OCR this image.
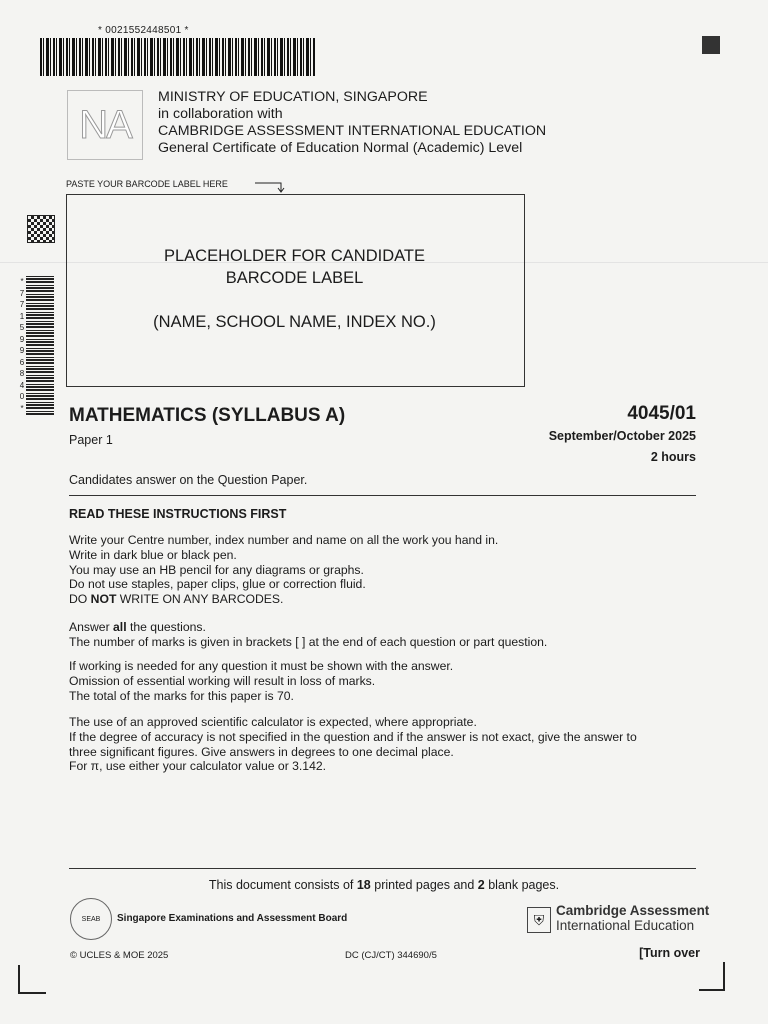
* 0021552448501 *
NA
MINISTRY OF EDUCATION, SINGAPORE
in collaboration with
CAMBRIDGE ASSESSMENT INTERNATIONAL EDUCATION
General Certificate of Education Normal (Academic) Level
PASTE YOUR BARCODE LABEL HERE
*
7
7
1
5
9
9
6
8
4
0
*
PLACEHOLDER FOR CANDIDATE
BARCODE LABEL
(NAME, SCHOOL NAME, INDEX NO.)
MATHEMATICS (SYLLABUS A)	4045/01
Paper 1	September/October 2025
2 hours
Candidates answer on the Question Paper.
READ THESE INSTRUCTIONS FIRST
Write your Centre number, index number and name on all the work you hand in.
Write in dark blue or black pen.
You may use an HB pencil for any diagrams or graphs.
Do not use staples, paper clips, glue or correction fluid.
DO NOT WRITE ON ANY BARCODES.
Answer all the questions.
The number of marks is given in brackets [ ] at the end of each question or part question.
If working is needed for any question it must be shown with the answer.
Omission of essential working will result in loss of marks.
The total of the marks for this paper is 70.
The use of an approved scientific calculator is expected, where appropriate.
If the degree of accuracy is not specified in the question and if the answer is not exact, give the answer to
three significant figures. Give answers in degrees to one decimal place.
For π, use either your calculator value or 3.142.
This document consists of 18 printed pages and 2 blank pages.
SEAB	Singapore Examinations and Assessment Board	⛨
Cambridge Assessment
International Education
© UCLES & MOE 2025	DC (CJ/CT) 344690/5	[Turn over
